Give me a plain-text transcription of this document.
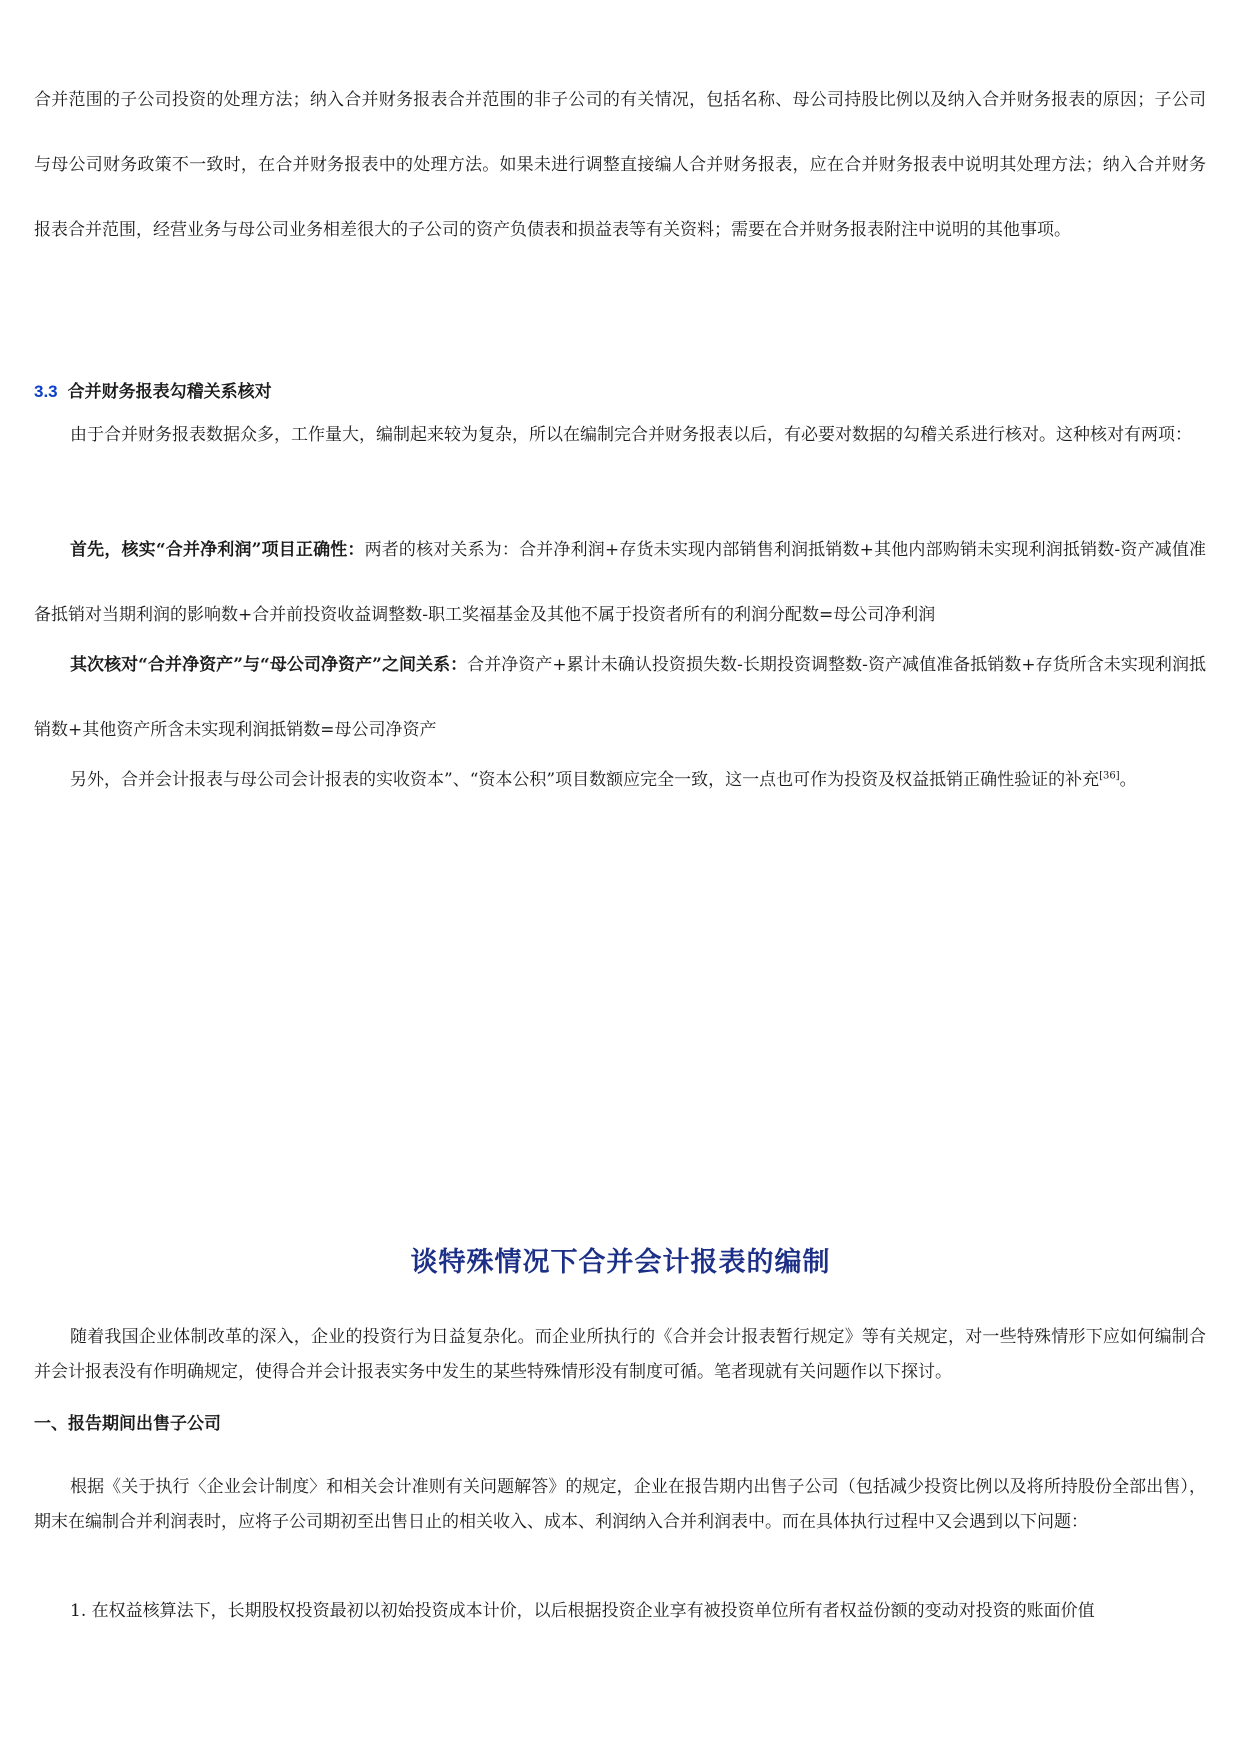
合并范围的子公司投资的处理方法；纳入合并财务报表合并范围的非子公司的有关情况，包括名称、母公司持股比例以及纳入合并财务报表的原因；子公司与母公司财务政策不一致时，在合并财务报表中的处理方法。如果未进行调整直接编人合并财务报表，应在合并财务报表中说明其处理方法；纳入合并财务报表合并范围，经营业务与母公司业务相差很大的子公司的资产负债表和损益表等有关资料；需要在合并财务报表附注中说明的其他事项。

3.3 合并财务报表勾稽关系核对

由于合并财务报表数据众多，工作量大，编制起来较为复杂，所以在编制完合并财务报表以后，有必要对数据的勾稽关系进行核对。这种核对有两项：

首先，核实“合并净利润”项目正确性：两者的核对关系为：合并净利润+存货未实现内部销售利润抵销数+其他内部购销未实现利润抵销数-资产减值准备抵销对当期利润的影响数+合并前投资收益调整数-职工奖福基金及其他不属于投资者所有的利润分配数=母公司净利润

其次核对“合并净资产”与“母公司净资产”之间关系：合并净资产+累计未确认投资损失数-长期投资调整数-资产减值准备抵销数+存货所含未实现利润抵销数+其他资产所含未实现利润抵销数=母公司净资产

另外，合并会计报表与母公司会计报表的实收资本”、“资本公积”项目数额应完全一致，这一点也可作为投资及权益抵销正确性验证的补充[36]。

谈特殊情况下合并会计报表的编制

随着我国企业体制改革的深入，企业的投资行为日益复杂化。而企业所执行的《合并会计报表暂行规定》等有关规定，对一些特殊情形下应如何编制合并会计报表没有作明确规定，使得合并会计报表实务中发生的某些特殊情形没有制度可循。笔者现就有关问题作以下探讨。

一、报告期间出售子公司

根据《关于执行〈企业会计制度〉和相关会计准则有关问题解答》的规定，企业在报告期内出售子公司（包括减少投资比例以及将所持股份全部出售），期末在编制合并利润表时，应将子公司期初至出售日止的相关收入、成本、利润纳入合并利润表中。而在具体执行过程中又会遇到以下问题：

1. 在权益核算法下，长期股权投资最初以初始投资成本计价，以后根据投资企业享有被投资单位所有者权益份额的变动对投资的账面价值
